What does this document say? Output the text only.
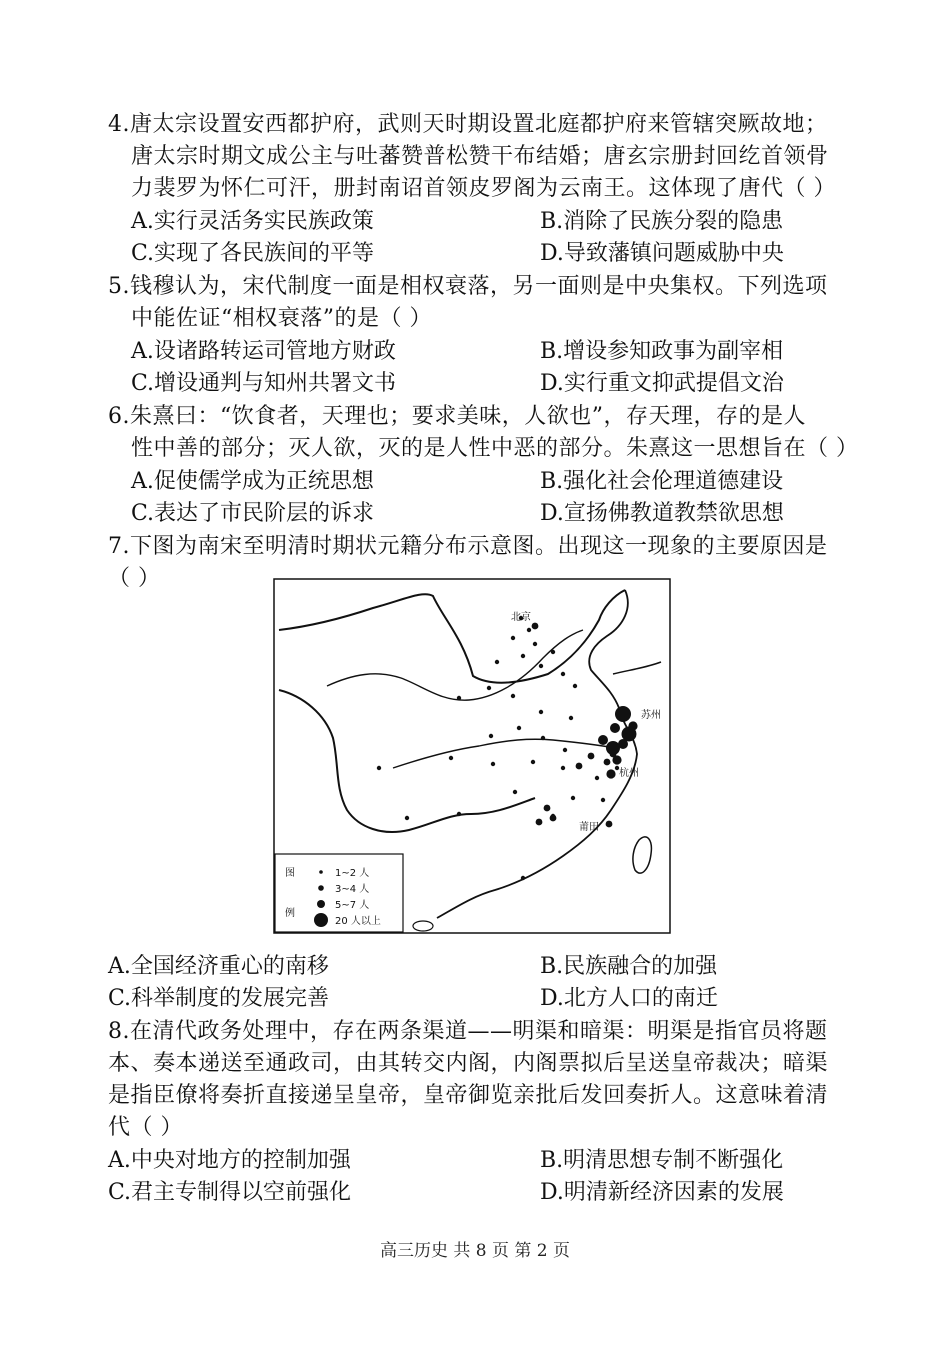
4.唐太宗设置安西都护府，武则天时期设置北庭都护府来管辖突厥故地；
唐太宗时期文成公主与吐蕃赞普松赞干布结婚；唐玄宗册封回纥首领骨
力裴罗为怀仁可汗，册封南诏首领皮罗阁为云南王。这体现了唐代（ ）
A.实行灵活务实民族政策	B.消除了民族分裂的隐患
C.实现了各民族间的平等	D.导致藩镇问题威胁中央
5.钱穆认为，宋代制度一面是相权衰落，另一面则是中央集权。下列选项
中能佐证“相权衰落”的是（ ）
A.设诸路转运司管地方财政	B.增设参知政事为副宰相
C.增设通判与知州共署文书	D.实行重文抑武提倡文治
6.朱熹曰：“饮食者，天理也；要求美味，人欲也”，存天理，存的是人
性中善的部分；灭人欲，灭的是人性中恶的部分。朱熹这一思想旨在（ ）
A.促使儒学成为正统思想	B.强化社会伦理道德建设
C.表达了市民阶层的诉求	D.宣扬佛教道教禁欲思想
7.下图为南宋至明清时期状元籍分布示意图。出现这一现象的主要原因是
（ ）
北京
苏州
杭州
莆田
图
例
1~2 人
3~4 人
5~7 人
20 人以上
A.全国经济重心的南移	B.民族融合的加强
C.科举制度的发展完善	D.北方人口的南迁
8.在清代政务处理中，存在两条渠道——明渠和暗渠：明渠是指官员将题
本、奏本递送至通政司，由其转交内阁，内阁票拟后呈送皇帝裁决；暗渠
是指臣僚将奏折直接递呈皇帝，皇帝御览亲批后发回奏折人。这意味着清
代（ ）
A.中央对地方的控制加强	B.明清思想专制不断强化
C.君主专制得以空前强化	D.明清新经济因素的发展
高三历史 共 8 页 第 2 页
